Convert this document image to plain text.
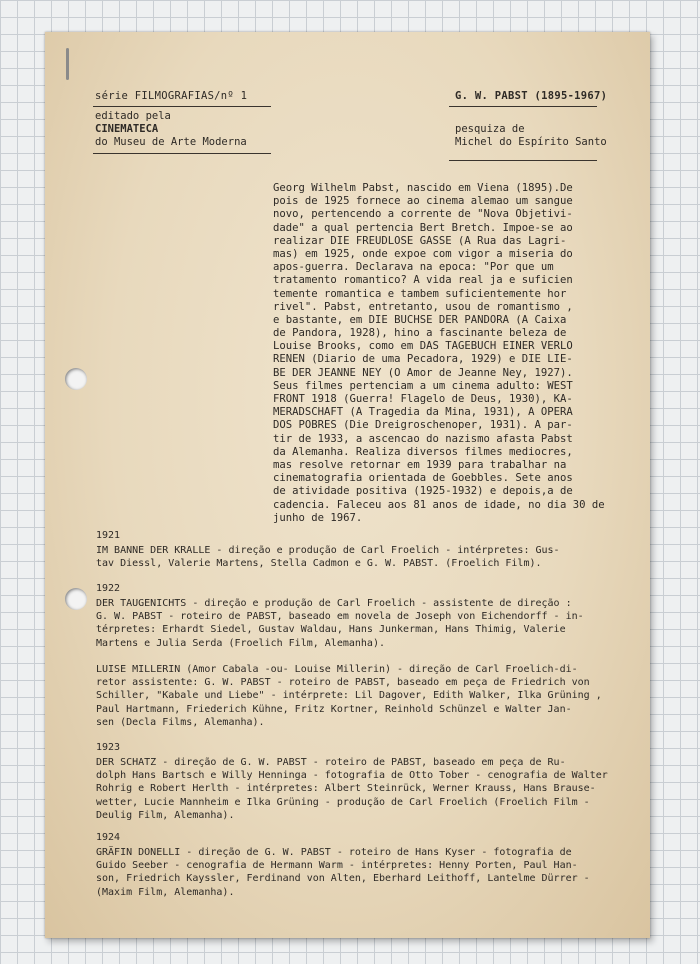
série FILMOGRAFIAS/nº 1	G. W. PABST (1895-1967)
editado pela
CINEMATECA
do Museu de Arte Moderna
pesquiza de
Michel do Espírito Santo
Georg Wilhelm Pabst, nascido em Viena (1895).De
pois de 1925 fornece ao cinema alemao um sangue
novo, pertencendo a corrente de "Nova Objetivi-
dade" a qual pertencia Bert Bretch. Impoe-se ao
realizar DIE FREUDLOSE GASSE (A Rua das Lagri-
mas) em 1925, onde expoe com vigor a miseria do
apos-guerra. Declarava na epoca: "Por que um
tratamento romantico? A vida real ja e suficien
temente romantica e tambem suficientemente hor
rivel". Pabst, entretanto, usou de romantismo ,
e bastante, em DIE BUCHSE DER PANDORA (A Caixa
de Pandora, 1928), hino a fascinante beleza de
Louise Brooks, como em DAS TAGEBUCH EINER VERLO
RENEN (Diario de uma Pecadora, 1929) e DIE LIE-
BE DER JEANNE NEY (O Amor de Jeanne Ney, 1927).
Seus filmes pertenciam a um cinema adulto: WEST
FRONT 1918 (Guerra! Flagelo de Deus, 1930), KA-
MERADSCHAFT (A Tragedia da Mina, 1931), A OPERA
DOS POBRES (Die Dreigroschenoper, 1931). A par-
tir de 1933, a ascencao do nazismo afasta Pabst
da Alemanha. Realiza diversos filmes mediocres,
mas resolve retornar em 1939 para trabalhar na
cinematografia orientada de Goebbles. Sete anos
de atividade positiva (1925-1932) e depois,a de
cadencia. Faleceu aos 81 anos de idade, no dia 30 de
junho de 1967.
1921
IM BANNE DER KRALLE - direção e produção de Carl Froelich - intérpretes: Gus-
tav Diessl, Valerie Martens, Stella Cadmon e G. W. PABST. (Froelich Film).
1922
DER TAUGENICHTS - direção e produção de Carl Froelich - assistente de direção :
G. W. PABST - roteiro de PABST, baseado em novela de Joseph von Eichendorff - in-
térpretes: Erhardt Siedel, Gustav Waldau, Hans Junkerman, Hans Thimig, Valerie
Martens e Julia Serda (Froelich Film, Alemanha).
LUISE MILLERIN (Amor Cabala -ou- Louise Millerin) - direção de Carl Froelich-di-
retor assistente: G. W. PABST - roteiro de PABST, baseado em peça de Friedrich von
Schiller, "Kabale und Liebe" - intérprete: Lil Dagover, Edith Walker, Ilka Grüning ,
Paul Hartmann, Friederich Kühne, Fritz Kortner, Reinhold Schünzel e Walter Jan-
sen (Decla Films, Alemanha).
1923
DER SCHATZ - direção de G. W. PABST - roteiro de PABST, baseado em peça de Ru-
dolph Hans Bartsch e Willy Henninga - fotografia de Otto Tober - cenografia de Walter
Rohrig e Robert Herlth - intérpretes: Albert Steinrück, Werner Krauss, Hans Brause-
wetter, Lucie Mannheim e Ilka Grüning - produção de Carl Froelich (Froelich Film -
Deulig Film, Alemanha).
1924
GRÄFIN DONELLI - direção de G. W. PABST - roteiro de Hans Kyser - fotografia de
Guido Seeber - cenografia de Hermann Warm - intérpretes: Henny Porten, Paul Han-
son, Friedrich Kayssler, Ferdinand von Alten, Eberhard Leithoff, Lantelme Dürrer -
(Maxim Film, Alemanha).
